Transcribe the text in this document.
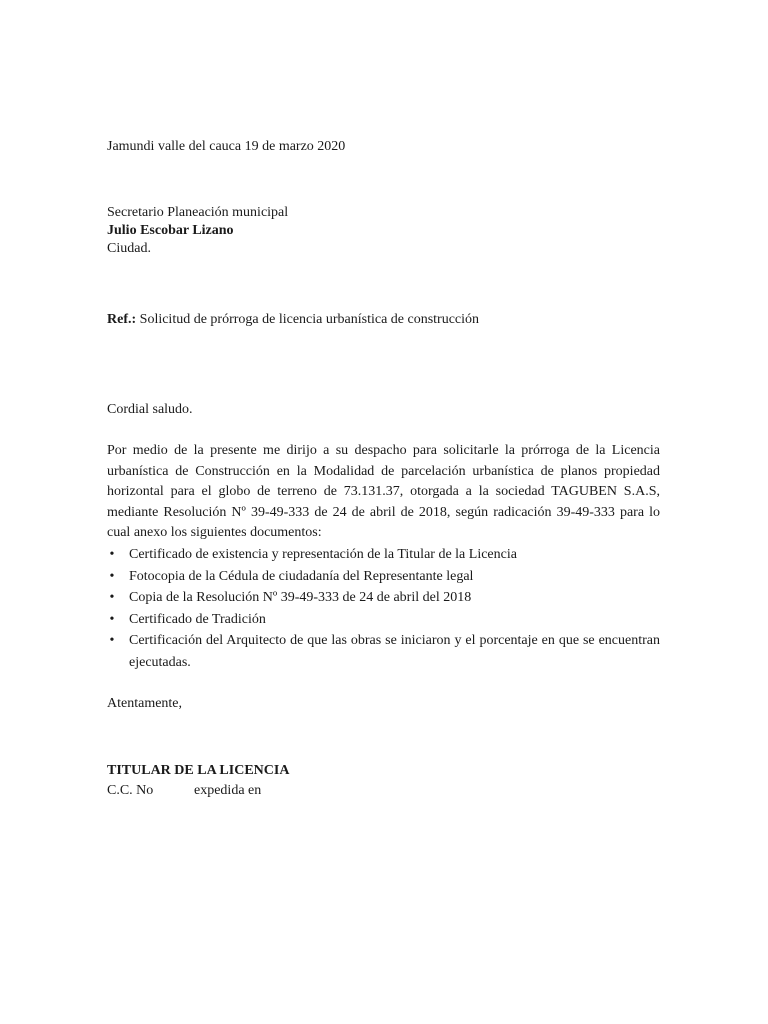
Jamundi valle del cauca 19 de marzo 2020
Secretario Planeación municipal
Julio Escobar Lizano
Ciudad.
Ref.: Solicitud de prórroga de licencia urbanística de construcción
Cordial saludo.
Por medio de la presente me dirijo a su despacho para solicitarle la prórroga de la Licencia urbanística de Construcción en la Modalidad de parcelación urbanística de planos propiedad horizontal para el globo de terreno de 73.131.37, otorgada a la sociedad TAGUBEN S.A.S, mediante Resolución Nº 39-49-333 de 24 de abril de 2018, según radicación 39-49-333 para lo cual anexo los siguientes documentos:
• Certificado de existencia y representación de la Titular de la Licencia
• Fotocopia de la Cédula de ciudadanía del Representante legal
• Copia de la Resolución Nº 39-49-333 de 24 de abril del 2018
• Certificado de Tradición
• Certificación del Arquitecto de que las obras se iniciaron y el porcentaje en que se encuentran ejecutadas.
Atentamente,
TITULAR DE LA LICENCIA
C.C. No	expedida en
